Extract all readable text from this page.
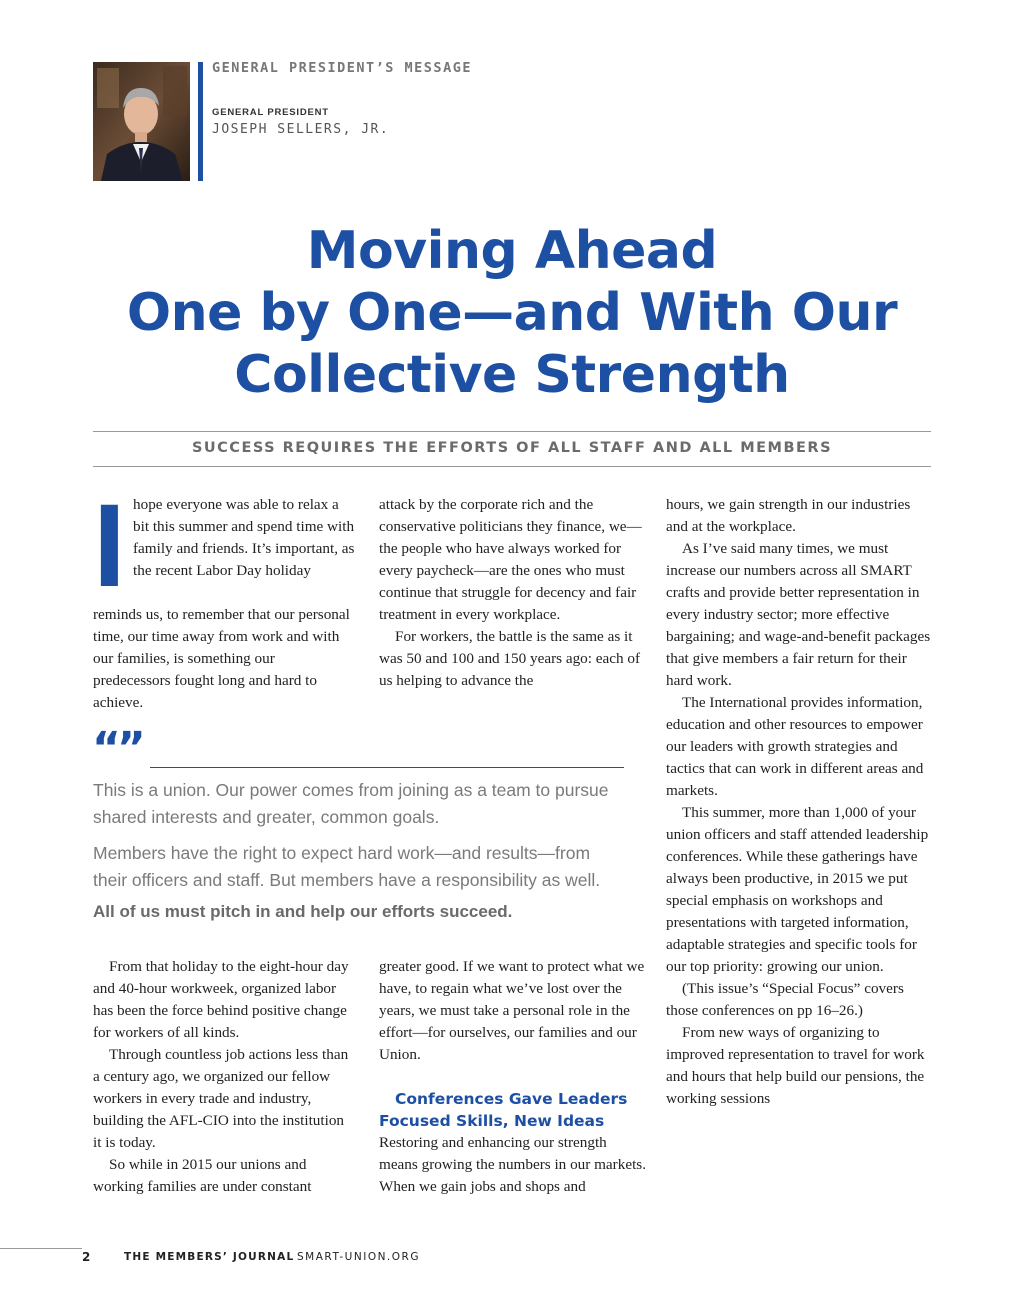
GENERAL PRESIDENT’S MESSAGE
GENERAL PRESIDENT
JOSEPH SELLERS, JR.
Moving Ahead
One by One—and With Our
Collective Strength
SUCCESS REQUIRES THE EFFORTS OF ALL STAFF AND ALL MEMBERS
I hope everyone was able to relax a bit this summer and spend time with family and friends. It’s important, as the recent Labor Day holiday
reminds us, to remember that our personal time, our time away from work and with our families, is something our predecessors fought long and hard to achieve.

attack by the corporate rich and the conservative politicians they finance, we—the people who have always worked for every paycheck—are the ones who must continue that struggle for decency and fair treatment in every workplace.

For workers, the battle is the same as it was 50 and 100 and 150 years ago: each of us helping to advance the

“”
This is a union. Our power comes from joining as a team to pursue
shared interests and greater, common goals.
Members have the right to expect hard work—and results—from
their officers and staff. But members have a responsibility as well.
All of us must pitch in and help our efforts succeed.

From that holiday to the eight-hour day and 40-hour workweek, organized labor has been the force behind positive change for workers of all kinds.

Through countless job actions less than a century ago, we organized our fellow workers in every trade and industry, building the AFL-CIO into the institution it is today.

So while in 2015 our unions and working families are under constant

greater good. If we want to protect what we have, to regain what we’ve lost over the years, we must take a personal role in the effort—for ourselves, our families and our Union.

Conferences Gave Leaders
Focused Skills, New Ideas

Restoring and enhancing our strength means growing the numbers in our markets. When we gain jobs and shops and

hours, we gain strength in our industries and at the workplace.

As I’ve said many times, we must increase our numbers across all SMART crafts and provide better representation in every industry sector; more effective bargaining; and wage-and-benefit packages that give members a fair return for their hard work.

The International provides information, education and other resources to empower our leaders with growth strategies and tactics that can work in different areas and markets.

This summer, more than 1,000 of your union officers and staff attended leadership conferences. While these gatherings have always been productive, in 2015 we put special emphasis on workshops and presentations with targeted information, adaptable strategies and specific tools for our top priority: growing our union.

(This issue’s “Special Focus” covers those conferences on pp 16–26.)

From new ways of organizing to improved representation to travel for work and hours that help build our pensions, the working sessions

2	THE MEMBERS’ JOURNAL SMART-UNION.ORG
